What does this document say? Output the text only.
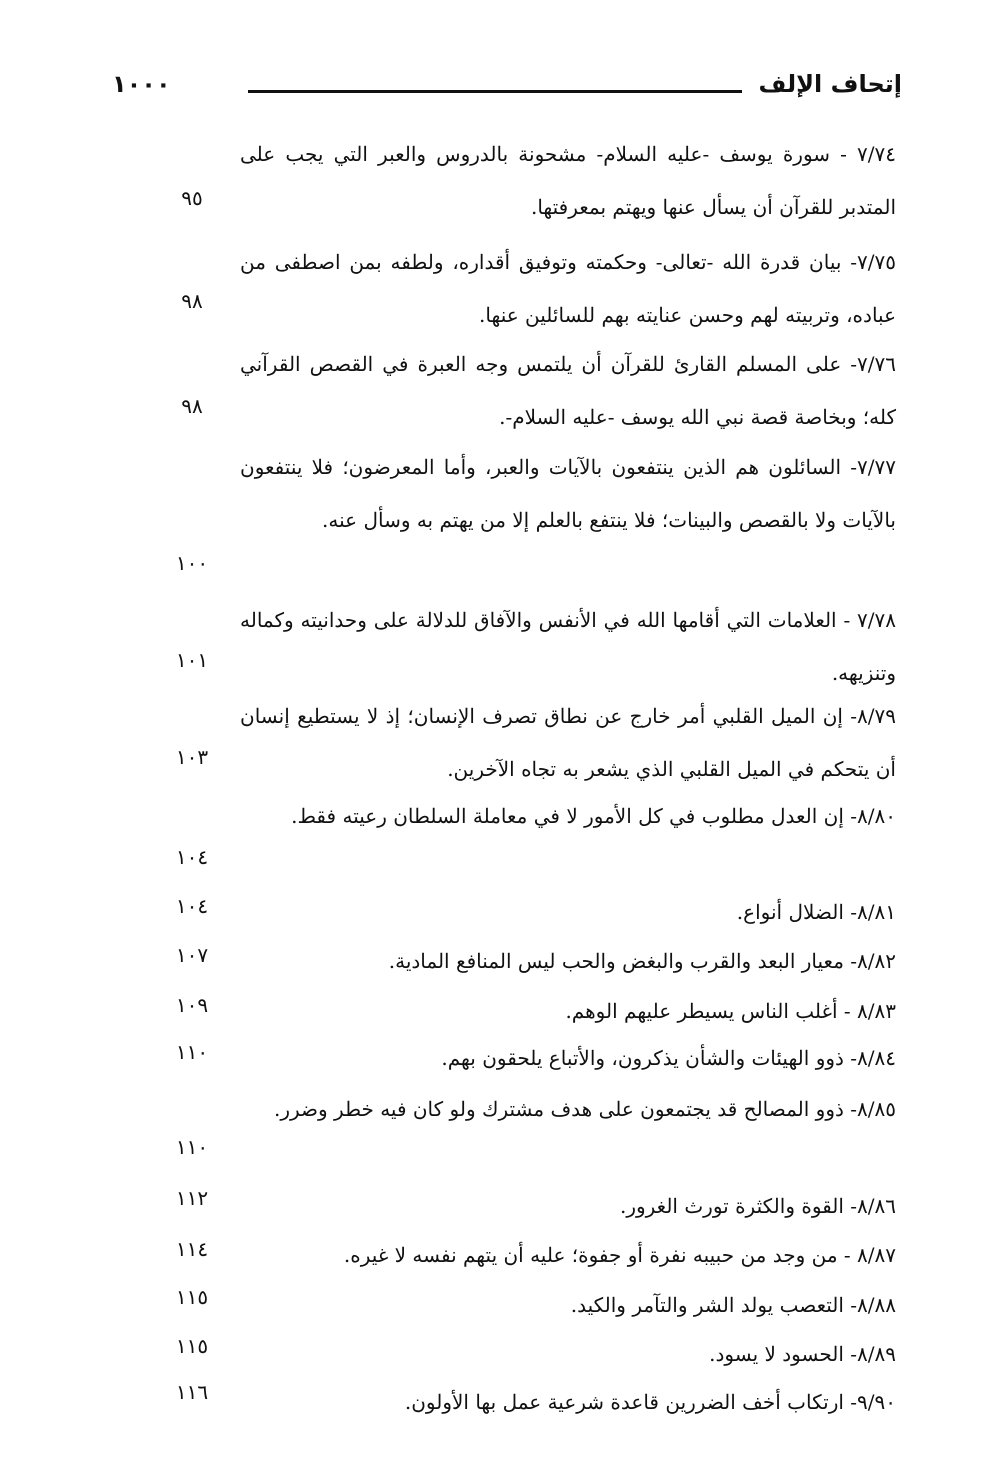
إتحاف الإلف
١٠٠٠
٧/٧٤ - سورة يوسف -عليه السلام- مشحونة بالدروس والعبر التي يجب على المتدبر للقرآن أن يسأل عنها ويهتم بمعرفتها.
٩٥
٧/٧٥- بيان قدرة الله -تعالى- وحكمته وتوفيق أقداره، ولطفه بمن اصطفى من عباده، وتربيته لهم وحسن عنايته بهم للسائلين عنها.
٩٨
٧/٧٦- على المسلم القارئ للقرآن أن يلتمس وجه العبرة في القصص القرآني كله؛ وبخاصة قصة نبي الله يوسف -عليه السلام-.
٩٨
٧/٧٧- السائلون هم الذين ينتفعون بالآيات والعبر، وأما المعرضون؛ فلا ينتفعون بالآيات ولا بالقصص والبينات؛ فلا ينتفع بالعلم إلا من يهتم به وسأل عنه.
١٠٠
٧/٧٨ - العلامات التي أقامها الله في الأنفس والآفاق للدلالة على وحدانيته وكماله وتنزيهه.
١٠١
٨/٧٩- إن الميل القلبي أمر خارج عن نطاق تصرف الإنسان؛ إذ لا يستطيع إنسان أن يتحكم في الميل القلبي الذي يشعر به تجاه الآخرين.
١٠٣
٨/٨٠- إن العدل مطلوب في كل الأمور لا في معاملة السلطان رعيته فقط.
١٠٤
٨/٨١- الضلال أنواع.
١٠٤
٨/٨٢- معيار البعد والقرب والبغض والحب ليس المنافع المادية.
١٠٧
٨/٨٣ - أغلب الناس يسيطر عليهم الوهم.
١٠٩
٨/٨٤- ذوو الهيئات والشأن يذكرون، والأتباع يلحقون بهم.
١١٠
٨/٨٥- ذوو المصالح قد يجتمعون على هدف مشترك ولو كان فيه خطر وضرر.
١١٠
٨/٨٦- القوة والكثرة تورث الغرور.
١١٢
٨/٨٧ - من وجد من حبيبه نفرة أو جفوة؛ عليه أن يتهم نفسه لا غيره.
١١٤
٨/٨٨- التعصب يولد الشر والتآمر والكيد.
١١٥
٨/٨٩- الحسود لا يسود.
١١٥
٩/٩٠- ارتكاب أخف الضررين قاعدة شرعية عمل بها الأولون.
١١٦
